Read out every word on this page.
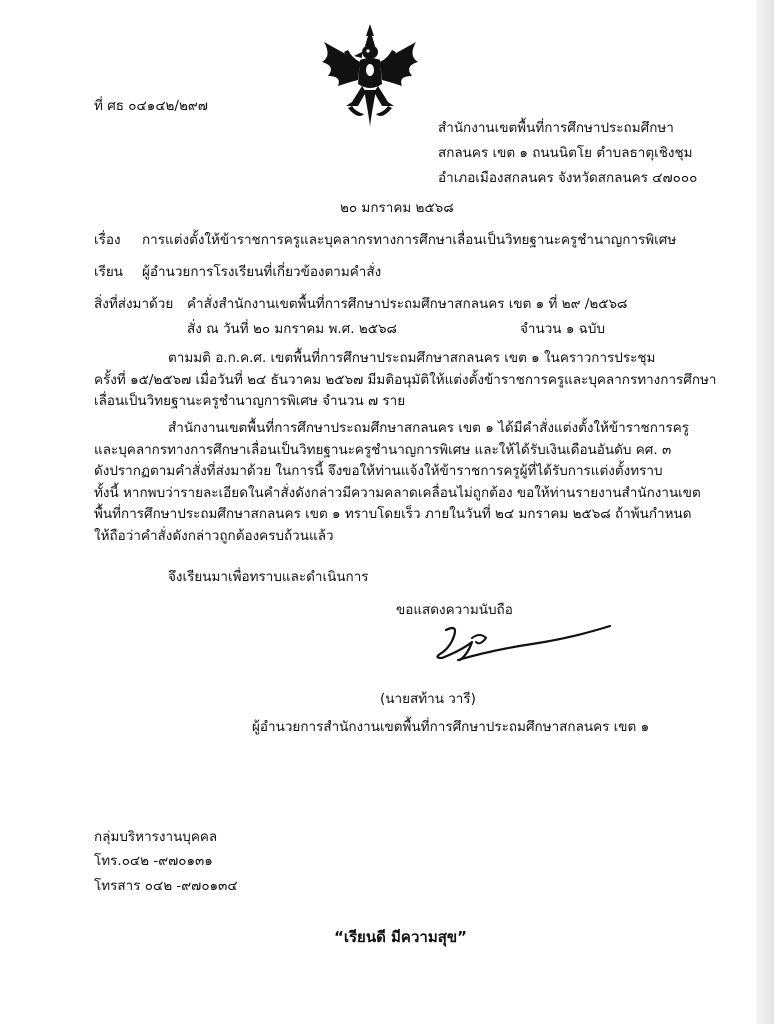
ที่ ศธ ๐๔๑๔๒/๒๙๗
สำนักงานเขตพื้นที่การศึกษาประถมศึกษา
สกลนคร เขต ๑ ถนนนิตโย ตำบลธาตุเชิงชุม
อำเภอเมืองสกลนคร จังหวัดสกลนคร ๔๗๐๐๐
๒๐ มกราคม ๒๕๖๘
เรื่อง การแต่งตั้งให้ข้าราชการครูและบุคลากรทางการศึกษาเลื่อนเป็นวิทยฐานะครูชำนาญการพิเศษ
เรียน ผู้อำนวยการโรงเรียนที่เกี่ยวข้องตามคำสั่ง
สิ่งที่ส่งมาด้วย คำสั่งสำนักงานเขตพื้นที่การศึกษาประถมศึกษาสกลนคร เขต ๑ ที่ ๒๙ /๒๕๖๘
สั่ง ณ วันที่ ๒๐ มกราคม พ.ศ. ๒๕๖๘	จำนวน ๑ ฉบับ
ตามมติ อ.ก.ค.ศ. เขตพื้นที่การศึกษาประถมศึกษาสกลนคร เขต ๑ ในคราวการประชุม
ครั้งที่ ๑๕/๒๕๖๗ เมื่อวันที่ ๒๔ ธันวาคม ๒๕๖๗ มีมติอนุมัติให้แต่งตั้งข้าราชการครูและบุคลากรทางการศึกษา
เลื่อนเป็นวิทยฐานะครูชำนาญการพิเศษ จำนวน ๗ ราย
สำนักงานเขตพื้นที่การศึกษาประถมศึกษาสกลนคร เขต ๑ ได้มีคำสั่งแต่งตั้งให้ข้าราชการครู
และบุคลากรทางการศึกษาเลื่อนเป็นวิทยฐานะครูชำนาญการพิเศษ และให้ได้รับเงินเดือนอันดับ คศ. ๓
ดังปรากฏตามคำสั่งที่ส่งมาด้วย ในการนี้ จึงขอให้ท่านแจ้งให้ข้าราชการครูผู้ที่ได้รับการแต่งตั้งทราบ
ทั้งนี้ หากพบว่ารายละเอียดในคำสั่งดังกล่าวมีความคลาดเคลื่อนไม่ถูกต้อง ขอให้ท่านรายงานสำนักงานเขต
พื้นที่การศึกษาประถมศึกษาสกลนคร เขต ๑ ทราบโดยเร็ว ภายในวันที่ ๒๔ มกราคม ๒๕๖๘ ถ้าพ้นกำหนด
ให้ถือว่าคำสั่งดังกล่าวถูกต้องครบถ้วนแล้ว
จึงเรียนมาเพื่อทราบและดำเนินการ
ขอแสดงความนับถือ
(นายสท้าน วารี)
ผู้อำนวยการสำนักงานเขตพื้นที่การศึกษาประถมศึกษาสกลนคร เขต ๑
กลุ่มบริหารงานบุคคล
โทร.๐๔๒ -๙๗๐๑๓๑
โทรสาร ๐๔๒ -๙๗๐๑๓๔
“เรียนดี มีความสุข”
